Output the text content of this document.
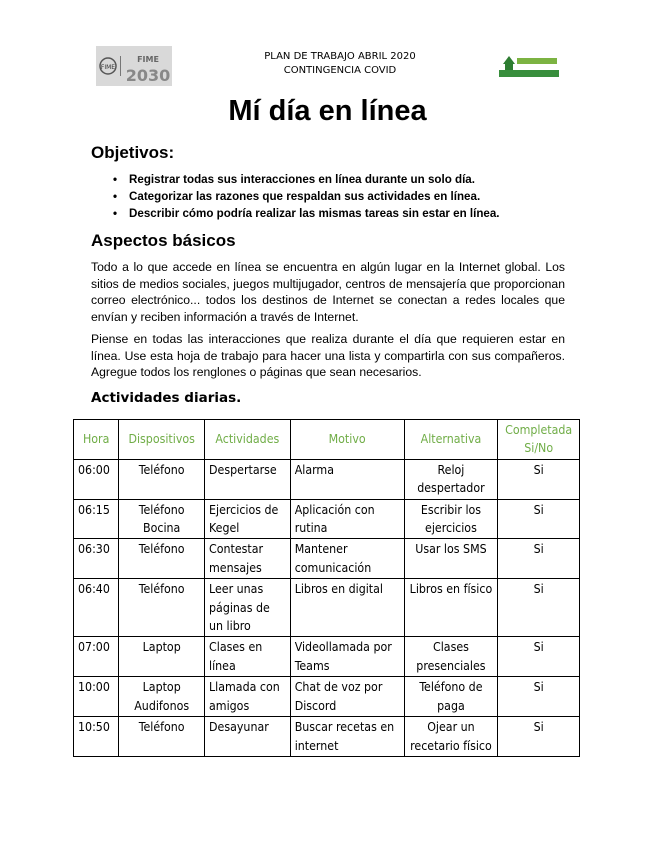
FIME
FIME
2030
PLAN DE TRABAJO ABRIL 2020
CONTINGENCIA COVID
Mí día en línea
Objetivos:
• Registrar todas sus interacciones en línea durante un solo día.
• Categorizar las razones que respaldan sus actividades en línea.
• Describir cómo podría realizar las mismas tareas sin estar en línea.
Aspectos básicos

Todo a lo que accede en línea se encuentra en algún lugar en la Internet global. Los sitios de medios sociales, juegos multijugador, centros de mensajería que proporcionan correo electrónico... todos los destinos de Internet se conectan a redes locales que envían y reciben información a través de Internet.

Piense en todas las interacciones que realiza durante el día que requieren estar en línea. Use esta hoja de trabajo para hacer una lista y compartirla con sus compañeros. Agregue todos los renglones o páginas que sean necesarios.

Actividades diarias.
Hora	Dispositivos	Actividades	Motivo	Alternativa	Completada Si/No
06:00	Teléfono	Despertarse	Alarma	Reloj despertador	Si
06:15	Teléfono Bocina	Ejercicios de Kegel	Aplicación con rutina	Escribir los ejercicios	Si
06:30	Teléfono	Contestar mensajes	Mantener comunicación	Usar los SMS	Si
06:40	Teléfono	Leer unas páginas de un libro	Libros en digital	Libros en físico	Si
07:00	Laptop	Clases en línea	Videollamada por Teams	Clases presenciales	Si
10:00	Laptop Audifonos	Llamada con amigos	Chat de voz por Discord	Teléfono de paga	Si
10:50	Teléfono	Desayunar	Buscar recetas en internet	Ojear un recetario físico	Si
